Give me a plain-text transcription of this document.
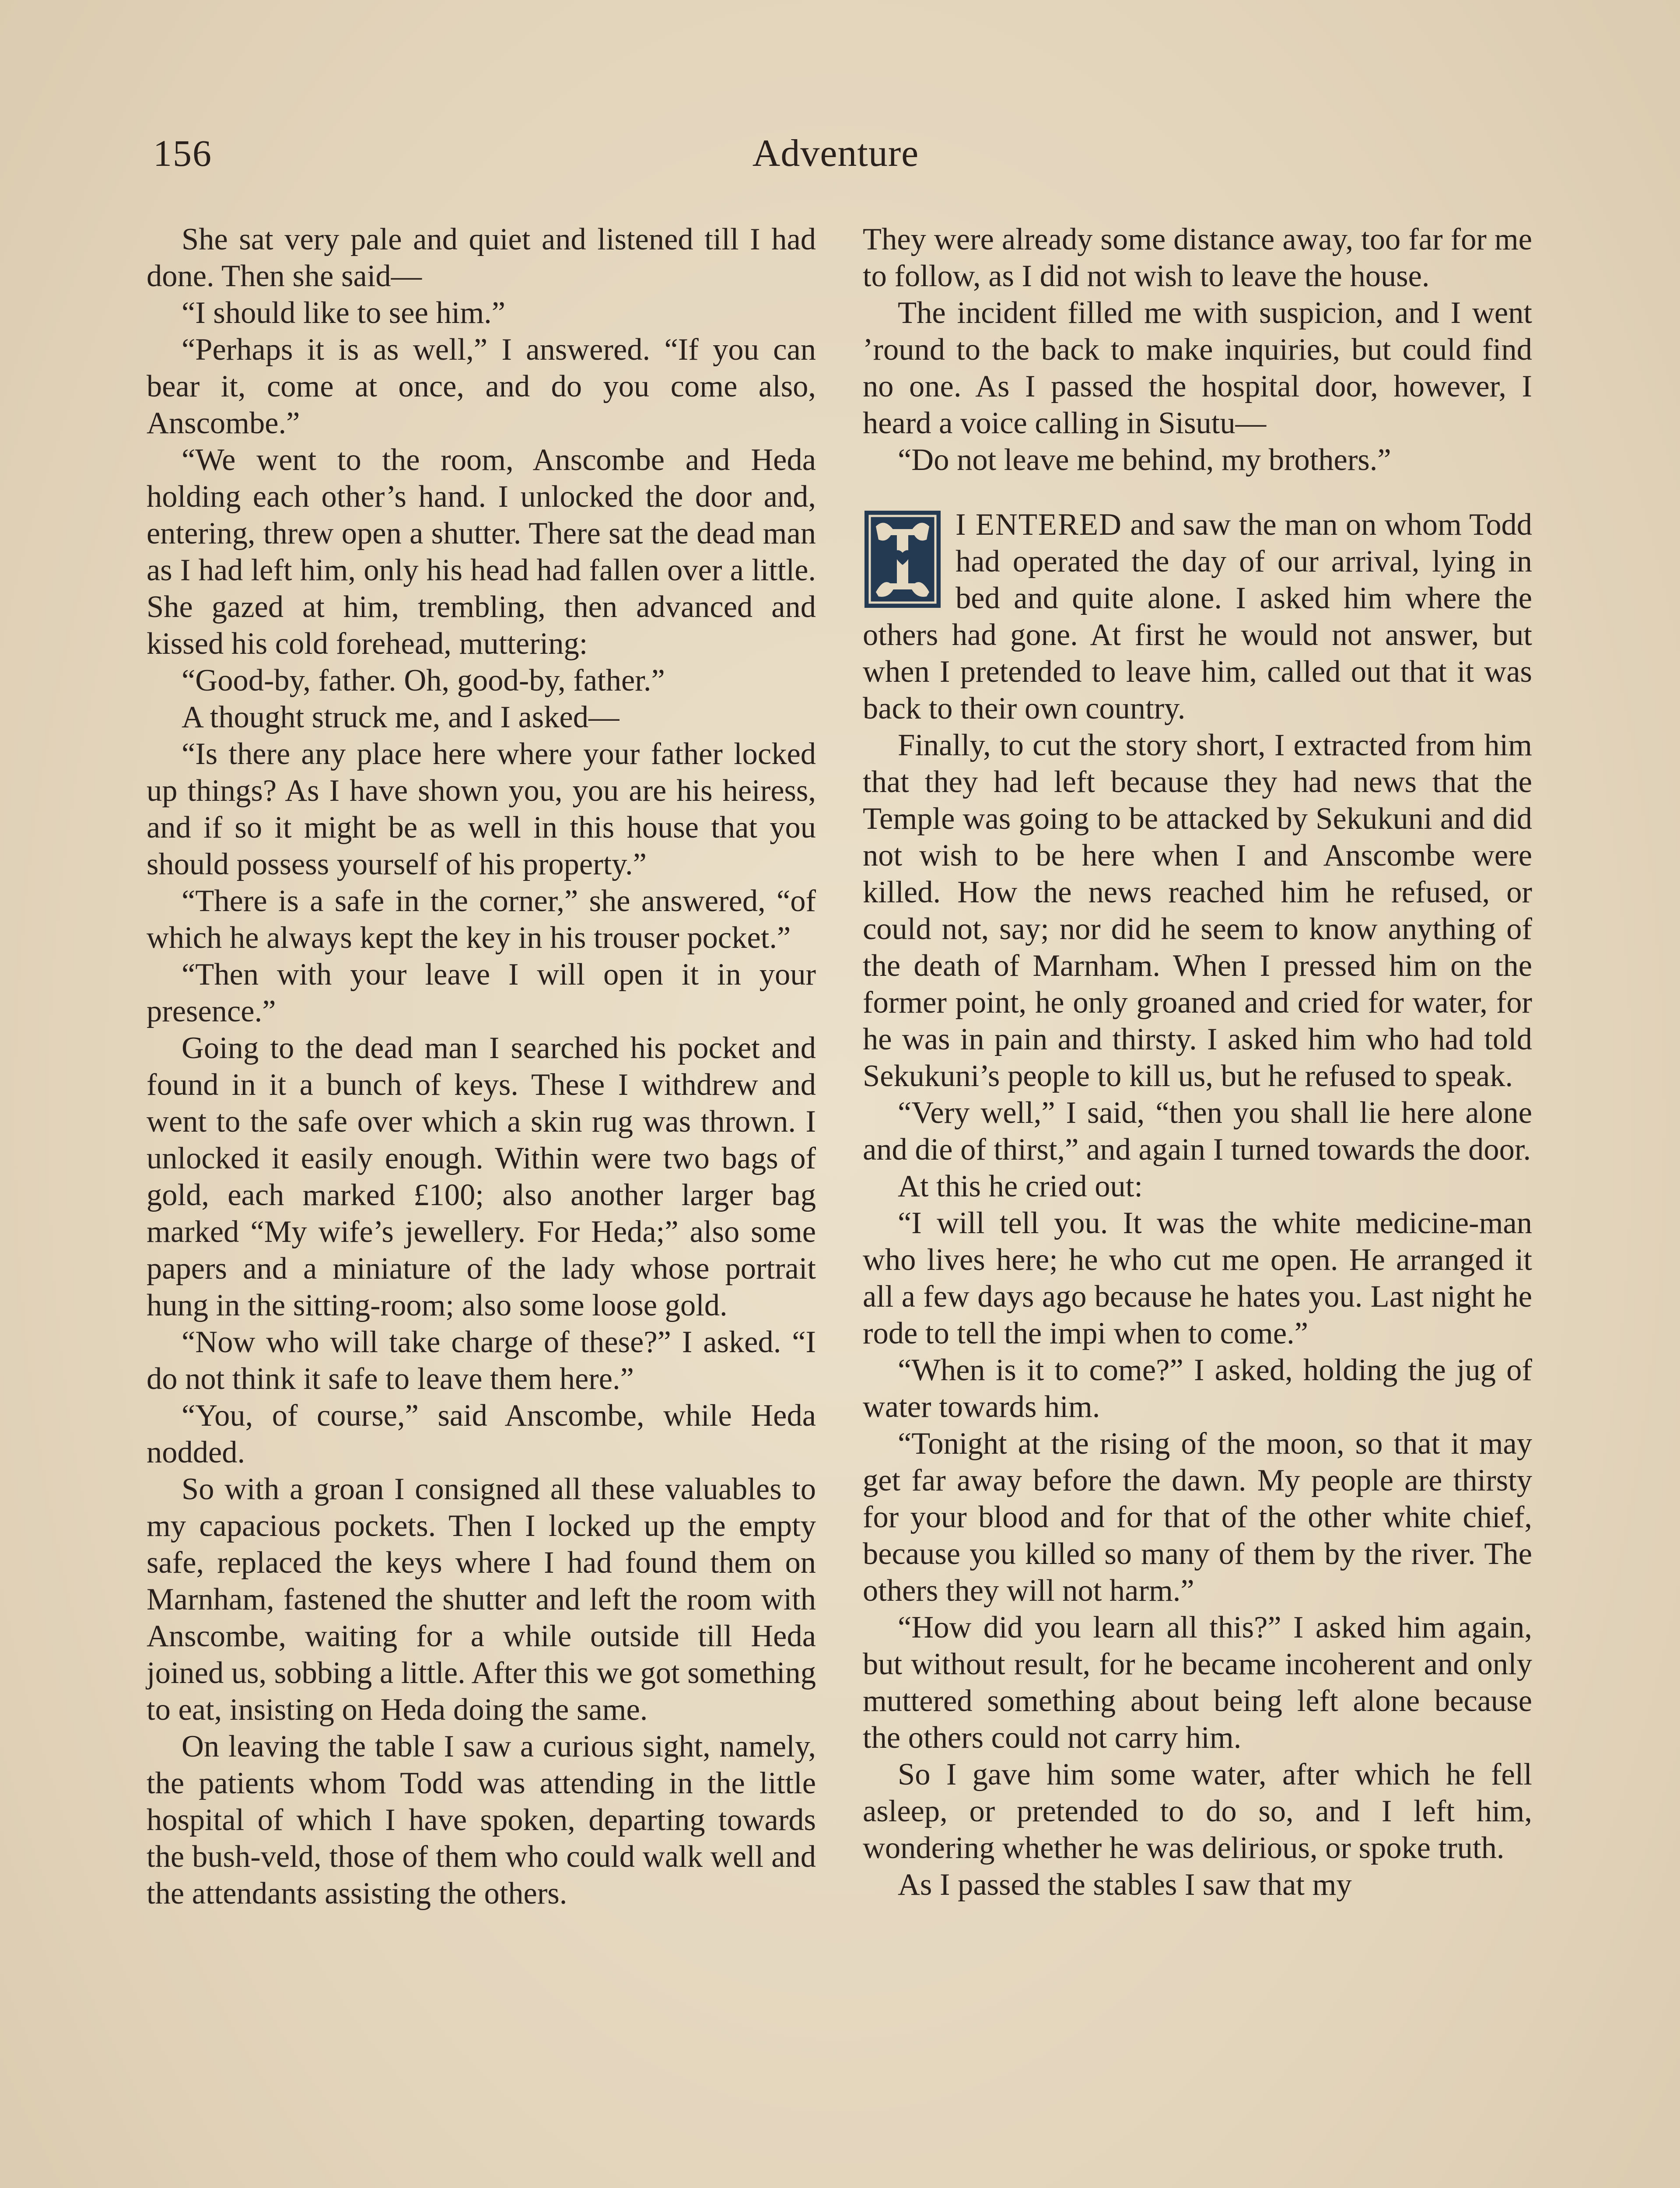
156	Adventure

She sat very pale and quiet and listened till I had done. Then she said—

“I should like to see him.”

“Perhaps it is as well,” I answered. “If you can bear it, come at once, and do you come also, Anscombe.”

“We went to the room, Anscombe and Heda holding each other’s hand. I unlocked the door and, entering, threw open a shutter. There sat the dead man as I had left him, only his head had fallen over a little. She gazed at him, trembling, then advanced and kissed his cold forehead, muttering:

“Good-by, father. Oh, good-by, father.”

A thought struck me, and I asked—

“Is there any place here where your father locked up things? As I have shown you, you are his heiress, and if so it might be as well in this house that you should possess yourself of his property.”

“There is a safe in the corner,” she answered, “of which he always kept the key in his trouser pocket.”

“Then with your leave I will open it in your presence.”

Going to the dead man I searched his pocket and found in it a bunch of keys. These I withdrew and went to the safe over which a skin rug was thrown. I unlocked it easily enough. Within were two bags of gold, each marked £100; also another larger bag marked “My wife’s jewellery. For Heda;” also some papers and a miniature of the lady whose portrait hung in the sitting-room; also some loose gold.

“Now who will take charge of these?” I asked. “I do not think it safe to leave them here.”

“You, of course,” said Anscombe, while Heda nodded.

So with a groan I consigned all these valuables to my capacious pockets. Then I locked up the empty safe, replaced the keys where I had found them on Marnham, fastened the shutter and left the room with Anscombe, waiting for a while outside till Heda joined us, sobbing a little. After this we got something to eat, insisting on Heda doing the same.

On leaving the table I saw a curious sight, namely, the patients whom Todd was attending in the little hospital of which I have spoken, departing towards the bush-veld, those of them who could walk well and the attendants assisting the others.

They were already some distance away, too far for me to follow, as I did not wish to leave the house.

The incident filled me with suspicion, and I went ’round to the back to make inquiries, but could find no one. As I passed the hospital door, however, I heard a voice calling in Sisutu—

“Do not leave me behind, my brothers.”

I ENTERED and saw the man on whom Todd had operated the day of our arrival, lying in bed and quite alone. I asked him where the others had gone. At first he would not answer, but when I pretended to leave him, called out that it was back to their own country.

Finally, to cut the story short, I extracted from him that they had left because they had news that the Temple was going to be attacked by Sekukuni and did not wish to be here when I and Anscombe were killed. How the news reached him he refused, or could not, say; nor did he seem to know anything of the death of Marnham. When I pressed him on the former point, he only groaned and cried for water, for he was in pain and thirsty. I asked him who had told Sekukuni’s people to kill us, but he refused to speak.

“Very well,” I said, “then you shall lie here alone and die of thirst,” and again I turned towards the door.

At this he cried out:

“I will tell you. It was the white medicine-man who lives here; he who cut me open. He arranged it all a few days ago because he hates you. Last night he rode to tell the impi when to come.”

“When is it to come?” I asked, holding the jug of water towards him.

“Tonight at the rising of the moon, so that it may get far away before the dawn. My people are thirsty for your blood and for that of the other white chief, because you killed so many of them by the river. The others they will not harm.”

“How did you learn all this?” I asked him again, but without result, for he became incoherent and only muttered something about being left alone because the others could not carry him.

So I gave him some water, after which he fell asleep, or pretended to do so, and I left him, wondering whether he was delirious, or spoke truth.

As I passed the stables I saw that my
